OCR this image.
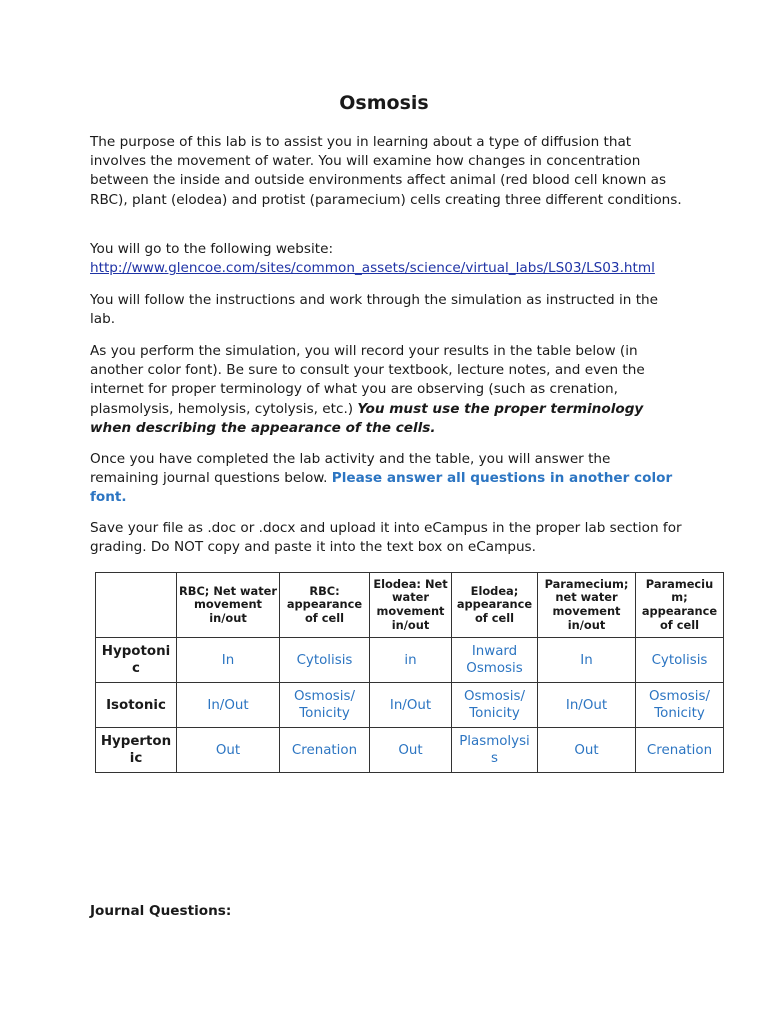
Osmosis

The purpose of this lab is to assist you in learning about a type of diffusion that involves the movement of water. You will examine how changes in concentration between the inside and outside environments affect animal (red blood cell known as RBC), plant (elodea) and protist (paramecium) cells creating three different conditions.

You will go to the following website:
http://www.glencoe.com/sites/common_assets/science/virtual_labs/LS03/LS03.html

You will follow the instructions and work through the simulation as instructed in the lab.

As you perform the simulation, you will record your results in the table below (in another color font). Be sure to consult your textbook, lecture notes, and even the internet for proper terminology of what you are observing (such as crenation, plasmolysis, hemolysis, cytolysis, etc.) You must use the proper terminology when describing the appearance of the cells.

Once you have completed the lab activity and the table, you will answer the remaining journal questions below. Please answer all questions in another color font.

Save your file as .doc or .docx and upload it into eCampus in the proper lab section for grading. Do NOT copy and paste it into the text box on eCampus.

	RBC; Net water movement in/out	RBC: appearance of cell	Elodea: Net water movement in/out	Elodea; appearance of cell	Paramecium; net water movement in/out	Parameciu m; appearance of cell
Hypotoni c	In	Cytolisis	in	Inward Osmosis	In	Cytolisis
Isotonic	In/Out	Osmosis/ Tonicity	In/Out	Osmosis/ Tonicity	In/Out	Osmosis/ Tonicity
Hyperton ic	Out	Crenation	Out	Plasmolysi s	Out	Crenation
Journal Questions:
